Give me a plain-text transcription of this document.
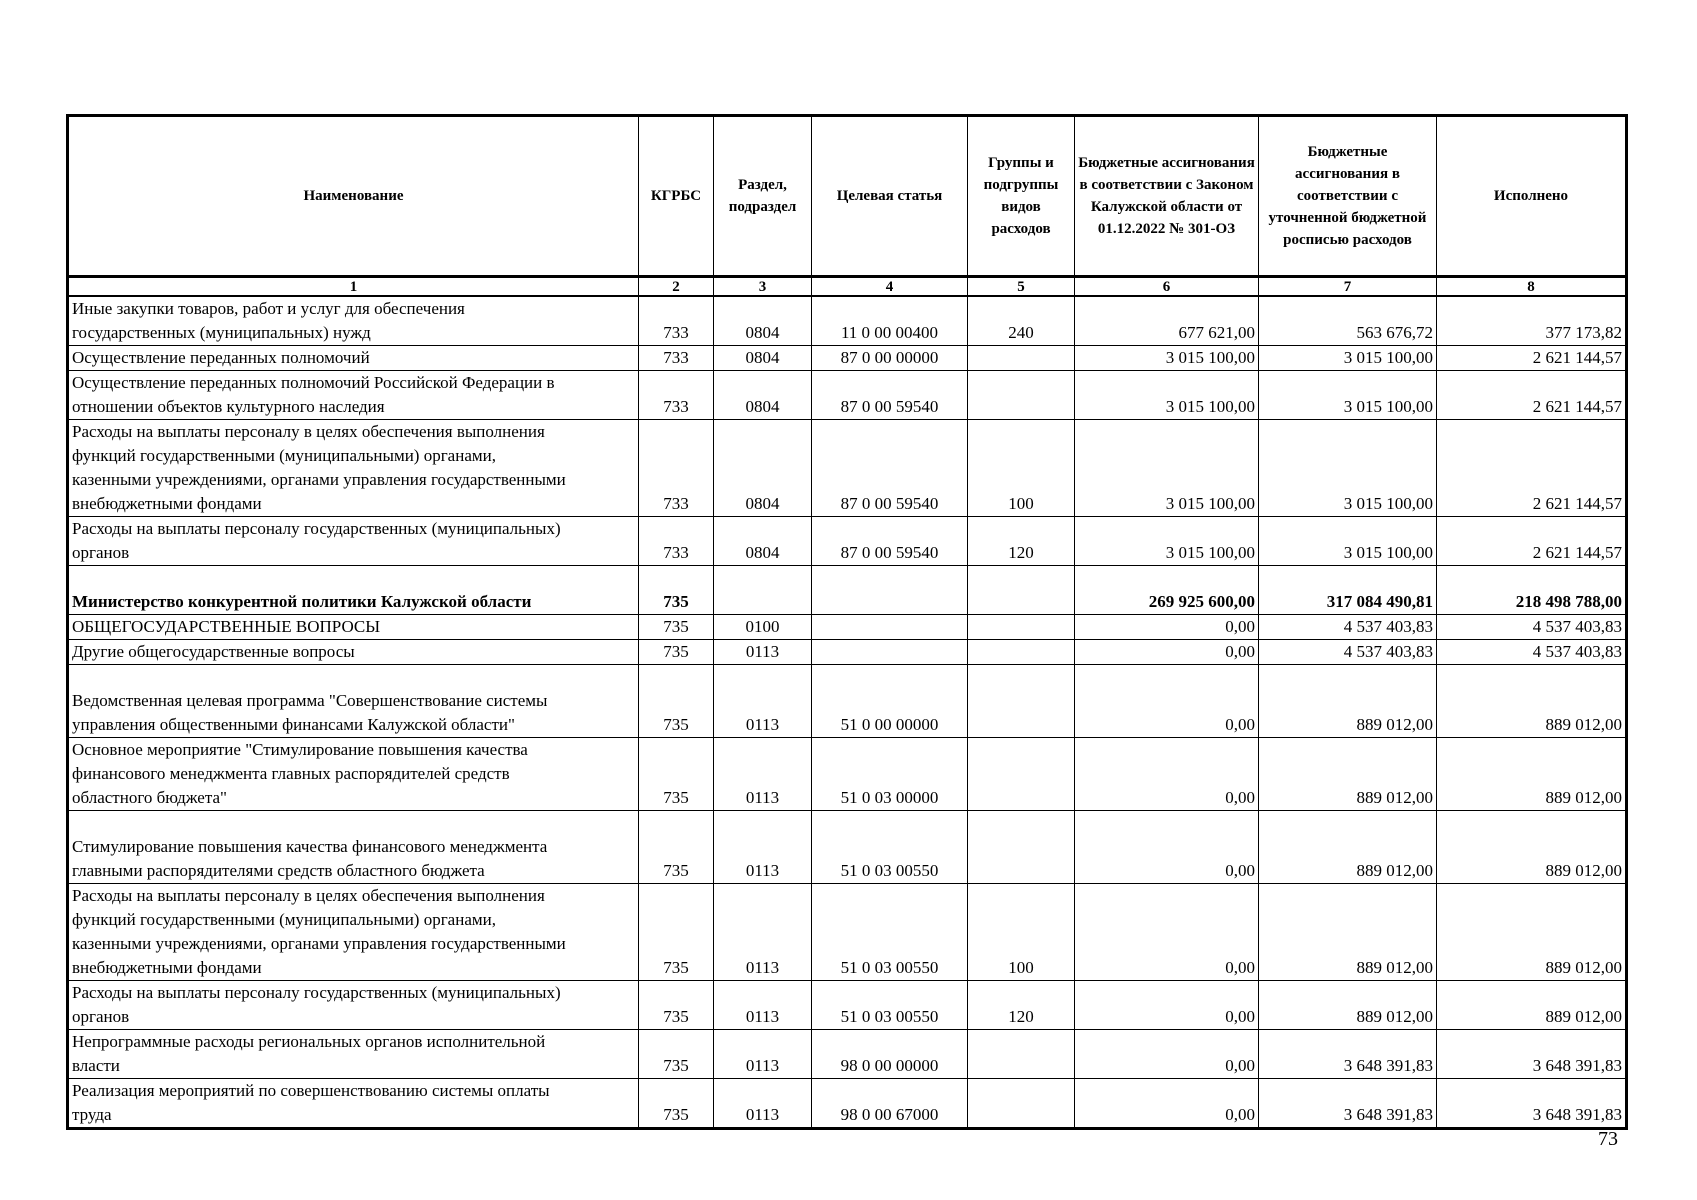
Наименование	КГРБС	Раздел, подраздел	Целевая статья	Группы и подгруппы видов расходов	Бюджетные ассигнования в соответствии с Законом Калужской области от 01.12.2022 № 301-ОЗ	Бюджетные ассигнования в соответствии с уточненной бюджетной росписью расходов	Исполнено
1	2	3	4	5	6	7	8
Иные закупки товаров, работ и услуг для обеспечения
государственных (муниципальных) нужд	733	0804	11 0 00 00400	240	677 621,00	563 676,72	377 173,82
Осуществление переданных полномочий	733	0804	87 0 00 00000		3 015 100,00	3 015 100,00	2 621 144,57
Осуществление переданных полномочий Российской Федерации в
отношении объектов культурного наследия	733	0804	87 0 00 59540		3 015 100,00	3 015 100,00	2 621 144,57
Расходы на выплаты персоналу в целях обеспечения выполнения
функций государственными (муниципальными) органами,
казенными учреждениями, органами управления государственными
внебюджетными фондами	733	0804	87 0 00 59540	100	3 015 100,00	3 015 100,00	2 621 144,57
Расходы на выплаты персоналу государственных (муниципальных)
органов	733	0804	87 0 00 59540	120	3 015 100,00	3 015 100,00	2 621 144,57

Министерство конкурентной политики Калужской области	735				269 925 600,00	317 084 490,81	218 498 788,00
ОБЩЕГОСУДАРСТВЕННЫЕ ВОПРОСЫ	735	0100			0,00	4 537 403,83	4 537 403,83
Другие общегосударственные вопросы	735	0113			0,00	4 537 403,83	4 537 403,83

Ведомственная целевая программа "Совершенствование системы
управления общественными финансами Калужской области"	735	0113	51 0 00 00000		0,00	889 012,00	889 012,00
Основное мероприятие "Стимулирование повышения качества
финансового менеджмента главных распорядителей средств
областного бюджета"	735	0113	51 0 03 00000		0,00	889 012,00	889 012,00

Стимулирование повышения качества финансового менеджмента
главными распорядителями средств областного бюджета	735	0113	51 0 03 00550		0,00	889 012,00	889 012,00
Расходы на выплаты персоналу в целях обеспечения выполнения
функций государственными (муниципальными) органами,
казенными учреждениями, органами управления государственными
внебюджетными фондами	735	0113	51 0 03 00550	100	0,00	889 012,00	889 012,00
Расходы на выплаты персоналу государственных (муниципальных)
органов	735	0113	51 0 03 00550	120	0,00	889 012,00	889 012,00
Непрограммные расходы региональных органов исполнительной
власти	735	0113	98 0 00 00000		0,00	3 648 391,83	3 648 391,83
Реализация мероприятий по совершенствованию системы оплаты
труда	735	0113	98 0 00 67000		0,00	3 648 391,83	3 648 391,83
73
